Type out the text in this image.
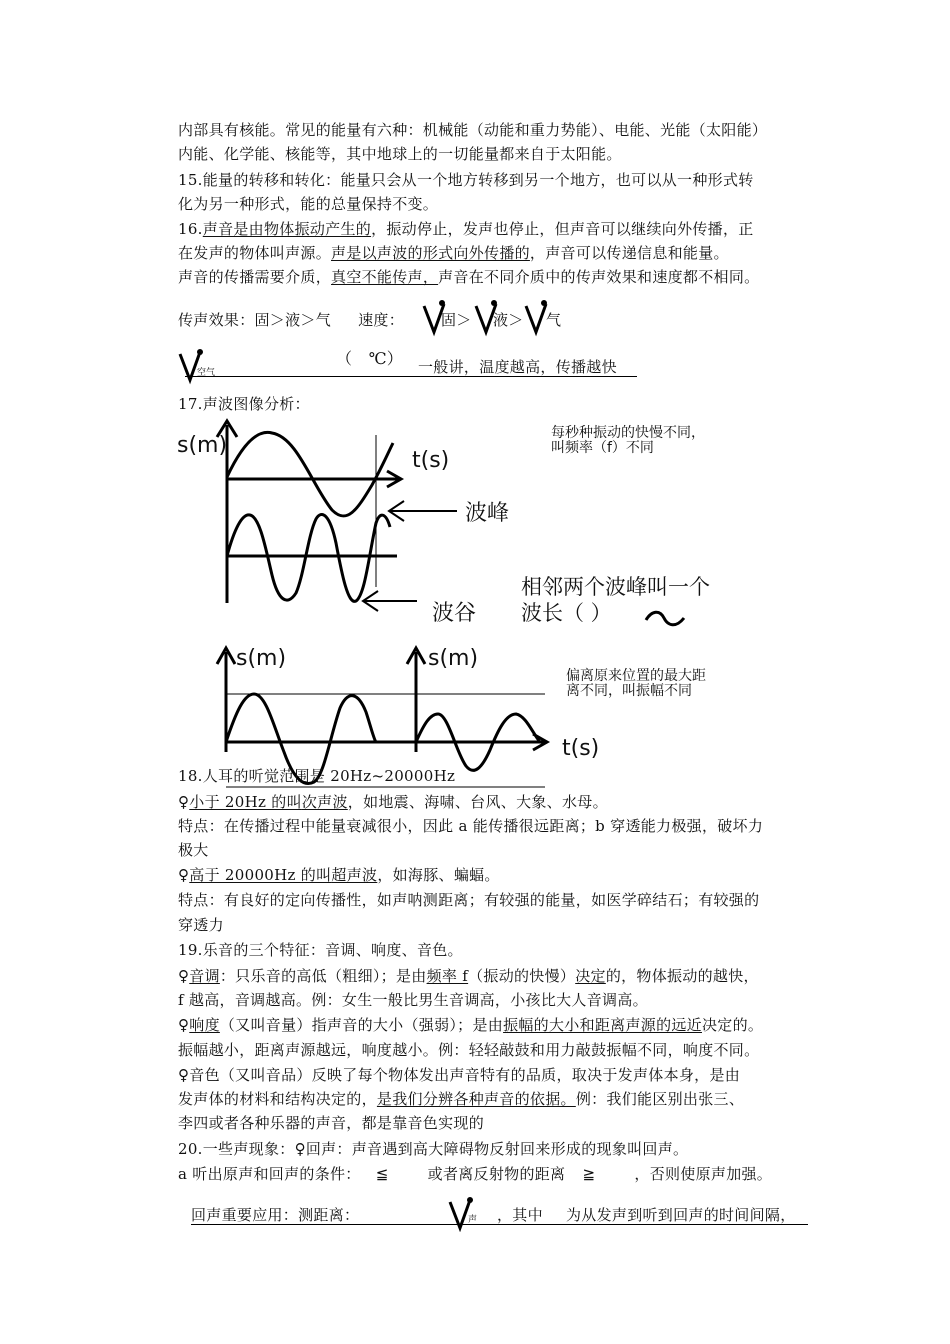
内部具有核能。常见的能量有六种：机械能（动能和重力势能）、电能、光能（太阳能）
内能、化学能、核能等，其中地球上的一切能量都来自于太阳能。
15.能量的转移和转化：能量只会从一个地方转移到另一个地方，也可以从一种形式转
化为另一种形式，能的总量保持不变。
16.声音是由物体振动产生的，振动停止，发声也停止，但声音可以继续向外传播，正
在发声的物体叫声源。声是以声波的形式向外传播的，声音可以传递信息和能量。
声音的传播需要介质，真空不能传声，声音在不同介质中的传声效果和速度都不相同。
传声效果：固＞液＞气 速度：	固＞ 液＞ 气
空气
（　℃） 一般讲，温度越高，传播越快
17.声波图像分析：
s(m)
t(s)
波峰
波谷
每秒种振动的快慢不同，叫频率（f）不同
相邻两个波峰叫一个波长（ ）
s(m)	s(m)
t(s)
偏离原来位置的最大距离不同，叫振幅不同
18.人耳的听觉范围是 20Hz~20000Hz
♀小于 20Hz 的叫次声波，如地震、海啸、台风、大象、水母。
特点：在传播过程中能量衰减很小，因此 a 能传播很远距离；b 穿透能力极强，破坏力
极大
♀高于 20000Hz 的叫超声波，如海豚、蝙蝠。
特点：有良好的定向传播性，如声呐测距离；有较强的能量，如医学碎结石；有较强的
穿透力
19.乐音的三个特征：音调、响度、音色。
♀音调：只乐音的高低（粗细）；是由频率 f（振动的快慢）决定的，物体振动的越快，
f 越高，音调越高。例：女生一般比男生音调高，小孩比大人音调高。
♀响度（又叫音量）指声音的大小（强弱）；是由振幅的大小和距离声源的远近决定的。
振幅越小，距离声源越远，响度越小。例：轻轻敲鼓和用力敲鼓振幅不同，响度不同。
♀音色（又叫音品）反映了每个物体发出声音特有的品质，取决于发声体本身，是由
发声体的材料和结构决定的，是我们分辨各种声音的依据。例：我们能区别出张三、
李四或者各种乐器的声音，都是靠音色实现的
20.一些声现象：♀回声：声音遇到高大障碍物反射回来形成的现象叫回声。
a 听出原声和回声的条件： ≦	或者离反射物的距离 ≧	，否则使原声加强。
回声重要应用：测距离：	声 ，其中 为从发声到听到回声的时间间隔，
